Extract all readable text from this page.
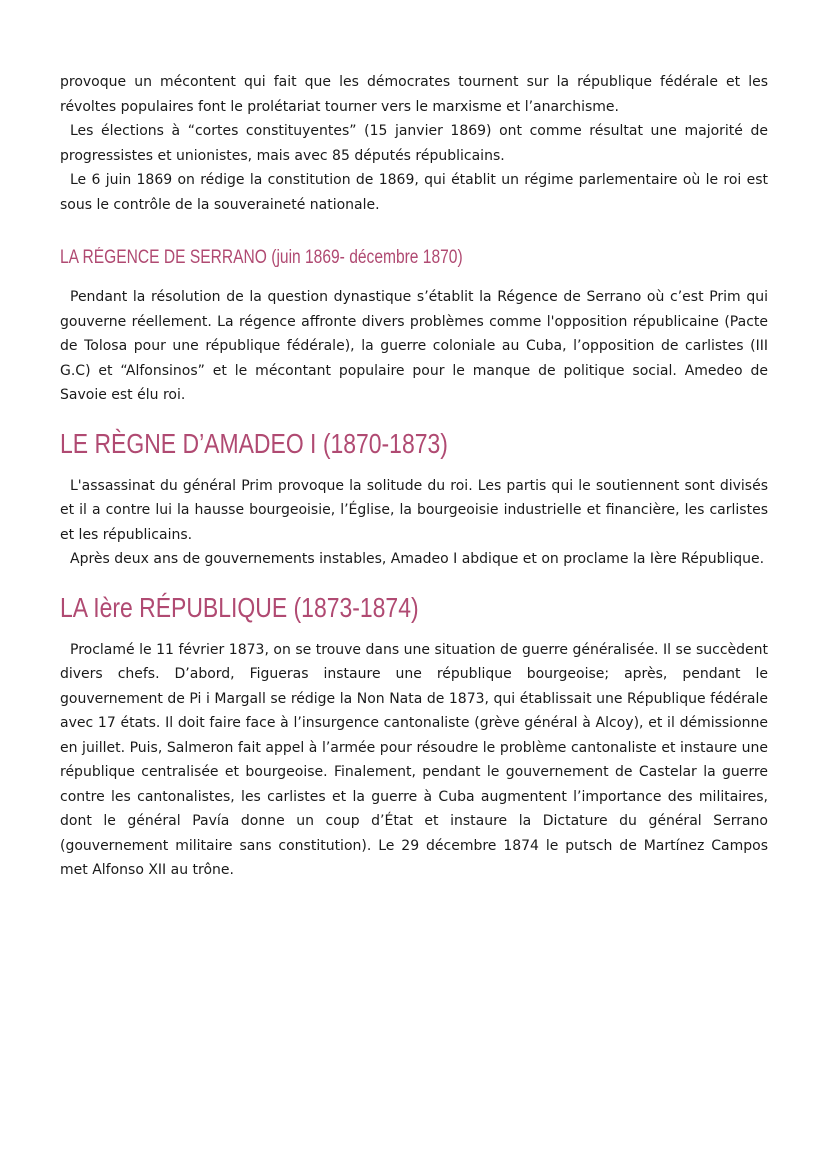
provoque un mécontent qui fait que les démocrates tournent sur la république fédérale et les révoltes populaires font le prolétariat tourner vers le marxisme et l’anarchisme.

Les élections à “cortes constituyentes” (15 janvier 1869) ont comme résultat une majorité de progressistes et unionistes, mais avec 85 députés républicains.

Le 6 juin 1869 on rédige la constitution de 1869, qui établit un régime parlementaire où le roi est sous le contrôle de la souveraineté nationale.

LA RÉGENCE DE SERRANO (juin 1869- décembre 1870)

Pendant la résolution de la question dynastique s’établit la Régence de Serrano où c’est Prim qui gouverne réellement. La régence affronte divers problèmes comme l'opposition républicaine (Pacte de Tolosa pour une république fédérale), la guerre coloniale au Cuba, l’opposition de carlistes (III G.C) et “Alfonsinos” et le mécontant populaire pour le manque de politique social. Amedeo de Savoie est élu roi.

LE RÈGNE D’AMADEO I (1870-1873)

L'assassinat du général Prim provoque la solitude du roi. Les partis qui le soutiennent sont divisés et il a contre lui la hausse bourgeoisie, l’Église, la bourgeoisie industrielle et financière, les carlistes et les républicains.

Après deux ans de gouvernements instables, Amadeo I abdique et on proclame la Ière République.

LA Ière RÉPUBLIQUE (1873-1874)

Proclamé le 11 février 1873, on se trouve dans une situation de guerre généralisée. Il se succèdent divers chefs. D’abord, Figueras instaure une république bourgeoise; après, pendant le gouvernement de Pi i Margall se rédige la Non Nata de 1873, qui établissait une République fédérale avec 17 états. Il doit faire face à l’insurgence cantonaliste (grève général à Alcoy), et il démissionne en juillet. Puis, Salmeron fait appel à l’armée pour résoudre le problème cantonaliste et instaure une république centralisée et bourgeoise. Finalement, pendant le gouvernement de Castelar la guerre contre les cantonalistes, les carlistes et la guerre à Cuba augmentent l’importance des militaires, dont le général Pavía donne un coup d’État et instaure la Dictature du général Serrano (gouvernement militaire sans constitution). Le 29 décembre 1874 le putsch de Martínez Campos met Alfonso XII au trône.
